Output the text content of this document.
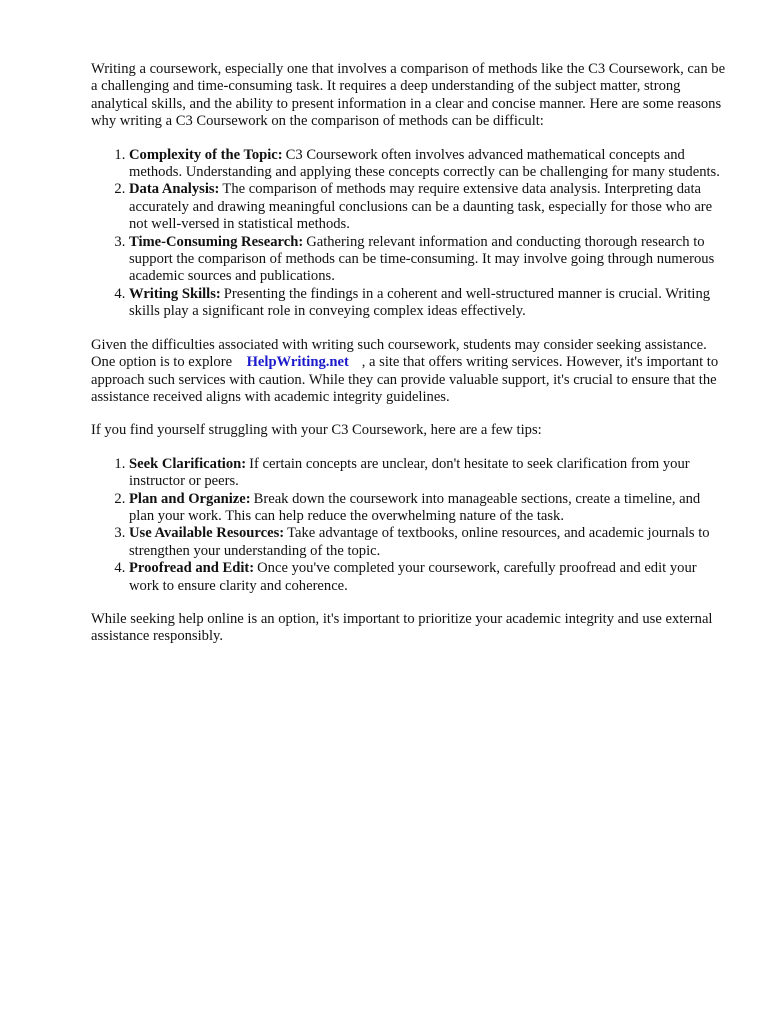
Writing a coursework, especially one that involves a comparison of methods like the C3 Coursework, can be a challenging and time-consuming task. It requires a deep understanding of the subject matter, strong analytical skills, and the ability to present information in a clear and concise manner. Here are some reasons why writing a C3 Coursework on the comparison of methods can be difficult:

1. Complexity of the Topic: C3 Coursework often involves advanced mathematical concepts and methods. Understanding and applying these concepts correctly can be challenging for many students.
2. Data Analysis: The comparison of methods may require extensive data analysis. Interpreting data accurately and drawing meaningful conclusions can be a daunting task, especially for those who are not well-versed in statistical methods.
3. Time-Consuming Research: Gathering relevant information and conducting thorough research to support the comparison of methods can be time-consuming. It may involve going through numerous academic sources and publications.
4. Writing Skills: Presenting the findings in a coherent and well-structured manner is crucial. Writing skills play a significant role in conveying complex ideas effectively.

Given the difficulties associated with writing such coursework, students may consider seeking assistance. One option is to explore HelpWriting.net , a site that offers writing services. However, it's important to approach such services with caution. While they can provide valuable support, it's crucial to ensure that the assistance received aligns with academic integrity guidelines.

If you find yourself struggling with your C3 Coursework, here are a few tips:

1. Seek Clarification: If certain concepts are unclear, don't hesitate to seek clarification from your instructor or peers.
2. Plan and Organize: Break down the coursework into manageable sections, create a timeline, and plan your work. This can help reduce the overwhelming nature of the task.
3. Use Available Resources: Take advantage of textbooks, online resources, and academic journals to strengthen your understanding of the topic.
4. Proofread and Edit: Once you've completed your coursework, carefully proofread and edit your work to ensure clarity and coherence.

While seeking help online is an option, it's important to prioritize your academic integrity and use external assistance responsibly.
